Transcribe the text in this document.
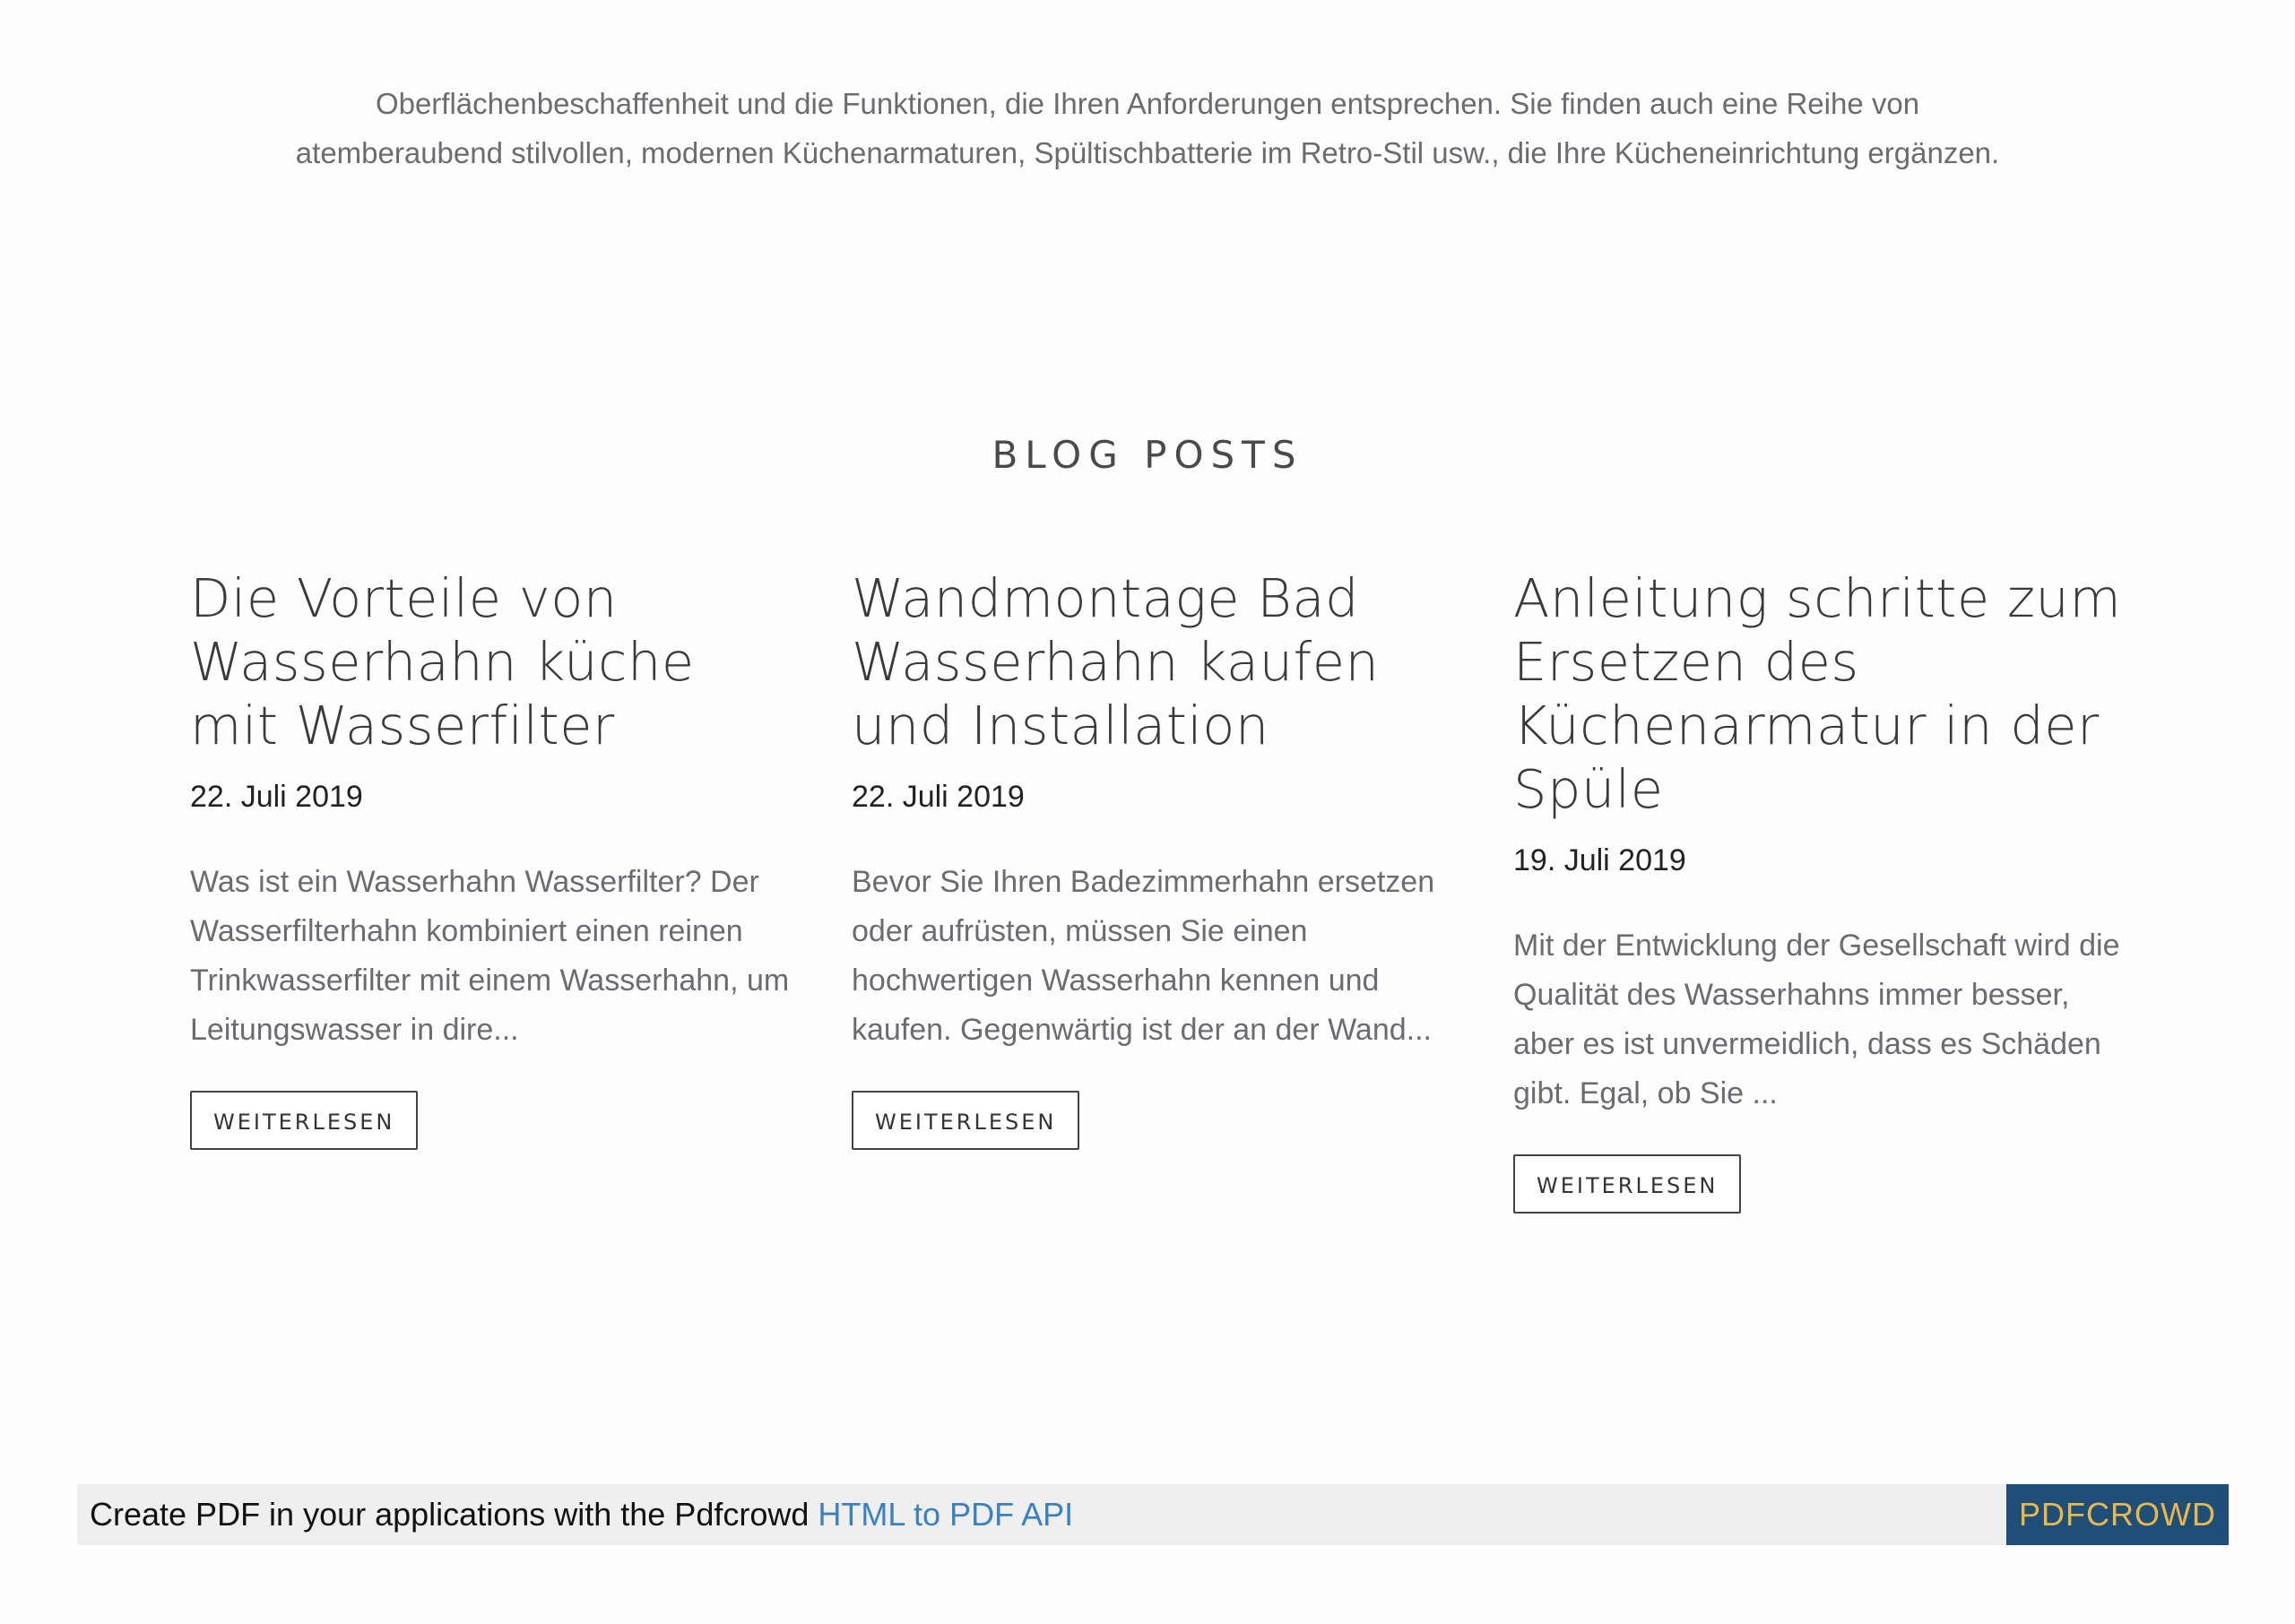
Oberflächenbeschaffenheit und die Funktionen, die Ihren Anforderungen entsprechen. Sie finden auch eine Reihe von
atemberaubend stilvollen, modernen Küchenarmaturen, Spültischbatterie im Retro-Stil usw., die Ihre Kücheneinrichtung ergänzen.
BLOG POSTS
Die Vorteile von Wasserhahn küche mit Wasserfilter
22. Juli 2019
Was ist ein Wasserhahn Wasserfilter? Der Wasserfilterhahn kombiniert einen reinen Trinkwasserfilter mit einem Wasserhahn, um Leitungswasser in dire...
WEITERLESEN
Wandmontage Bad Wasserhahn kaufen und Installation
22. Juli 2019
Bevor Sie Ihren Badezimmerhahn ersetzen oder aufrüsten, müssen Sie einen hochwertigen Wasserhahn kennen und kaufen. Gegenwärtig ist der an der Wand...
WEITERLESEN
Anleitung schritte zum Ersetzen des Küchenarmatur in der Spüle
19. Juli 2019
Mit der Entwicklung der Gesellschaft wird die Qualität des Wasserhahns immer besser, aber es ist unvermeidlich, dass es Schäden gibt. Egal, ob Sie ...
WEITERLESEN
Create PDF in your applications with the Pdfcrowd HTML to PDF API	PDFCROWD
